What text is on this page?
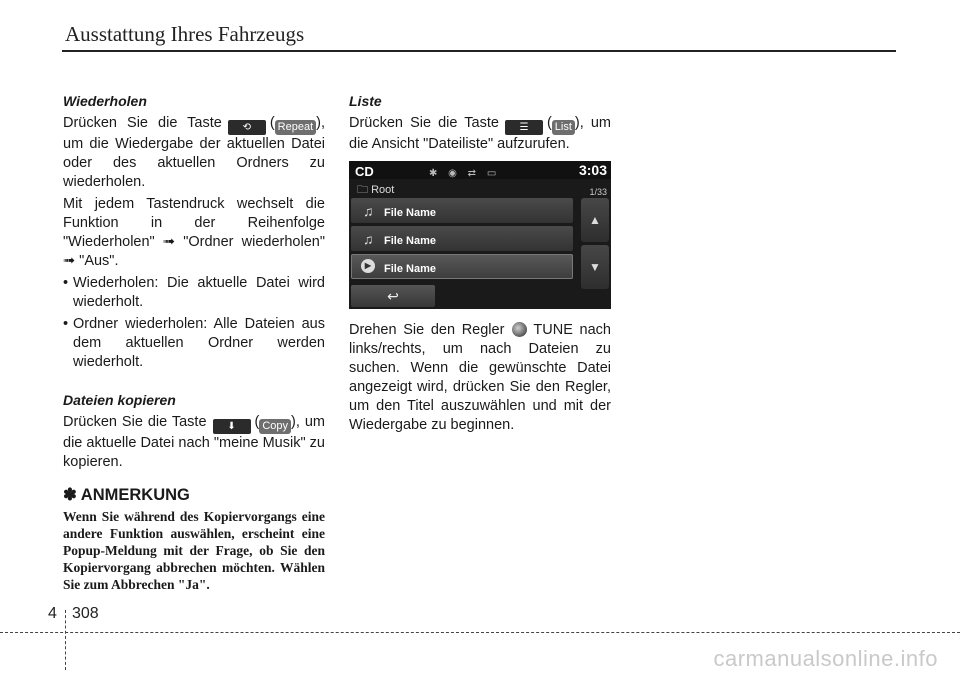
Ausstattung Ihres Fahrzeugs
Wiederholen

Drücken Sie die Taste ⟲ ( Repeat ), um die Wiedergabe der aktuellen Datei oder des aktuellen Ordners zu wiederholen.

Mit jedem Tastendruck wechselt die Funktion in der Reihenfolge "Wiederholen" ➟ "Ordner wiederholen" ➟ "Aus".

• Wiederholen: Die aktuelle Datei wird wiederholt.
• Ordner wiederholen: Alle Dateien aus dem aktuellen Ordner werden wiederholt.
Dateien kopieren

Drücken Sie die Taste ⬇ ( Copy ), um die aktuelle Datei nach "meine Musik" zu kopieren.

✽ ANMERKUNG

Wenn Sie während des Kopiervorgangs eine andere Funktion auswählen, erscheint eine Popup-Meldung mit der Frage, ob Sie den Kopiervorgang abbrechen möchten. Wählen Sie zum Abbrechen "Ja".

Liste

Drücken Sie die Taste ☰ ( List ), um die Ansicht "Dateiliste" aufzurufen.

CD	✱ ◉ ⇄ ▭	3:03
🗀 Root	1/33
♫ File Name
♫ File Name
▶	File Name
▲
▼
↩

Drehen Sie den Regler TUNE nach links/rechts, um nach Dateien zu suchen. Wenn die gewünschte Datei angezeigt wird, drücken Sie den Regler, um den Titel auszuwählen und mit der Wiedergabe zu beginnen.

4 308
carmanualsonline.info
